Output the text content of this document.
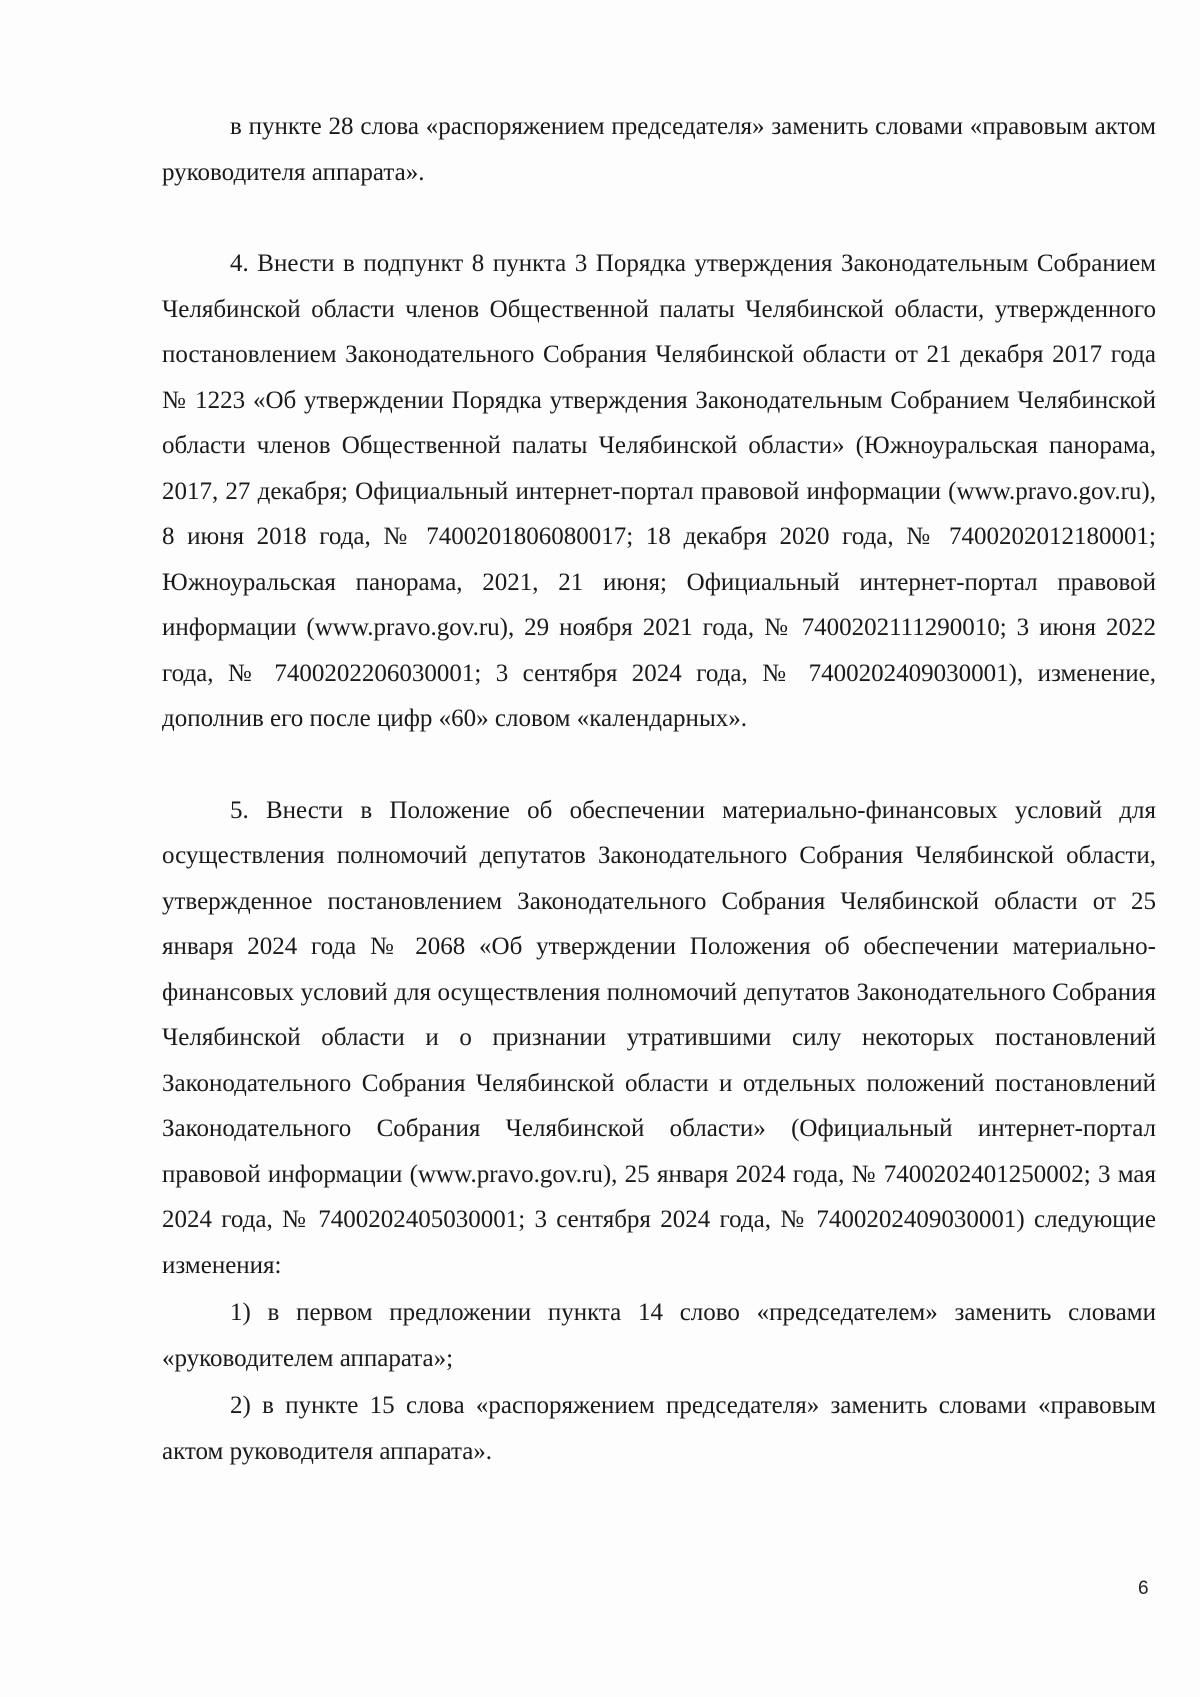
в пункте 28 слова «распоряжением председателя» заменить словами «правовым актом руководителя аппарата».

4. Внести в подпункт 8 пункта 3 Порядка утверждения Законодательным Собранием Челябинской области членов Общественной палаты Челябинской области, утвержденного постановлением Законодательного Собрания Челябинской области от 21 декабря 2017 года № 1223 «Об утверждении Порядка утверждения Законодательным Собранием Челябинской области членов Общественной палаты Челябинской области» (Южноуральская панорама, 2017, 27 декабря; Официальный интернет-портал правовой информации (www.pravo.gov.ru), 8 июня 2018 года, № 7400201806080017; 18 декабря 2020 года, № 7400202012180001; Южноуральская панорама, 2021, 21 июня; Официальный интернет-портал правовой информации (www.pravo.gov.ru), 29 ноября 2021 года, № 7400202111290010; 3 июня 2022 года, № 7400202206030001; 3 сентября 2024 года, № 7400202409030001), изменение, дополнив его после цифр «60» словом «календарных».

5. Внести в Положение об обеспечении материально-финансовых условий для осуществления полномочий депутатов Законодательного Собрания Челябинской области, утвержденное постановлением Законодательного Собрания Челябинской области от 25 января 2024 года № 2068 «Об утверждении Положения об обеспечении материально-финансовых условий для осуществления полномочий депутатов Законодательного Собрания Челябинской области и о признании утратившими силу некоторых постановлений Законодательного Собрания Челябинской области и отдельных положений постановлений Законодательного Собрания Челябинской области» (Официальный интернет-портал правовой информации (www.pravo.gov.ru), 25 января 2024 года, № 7400202401250002; 3 мая 2024 года, № 7400202405030001; 3 сентября 2024 года, № 7400202409030001) следующие изменения:

1) в первом предложении пункта 14 слово «председателем» заменить словами «руководителем аппарата»;

2) в пункте 15 слова «распоряжением председателя» заменить словами «правовым актом руководителя аппарата».

6
